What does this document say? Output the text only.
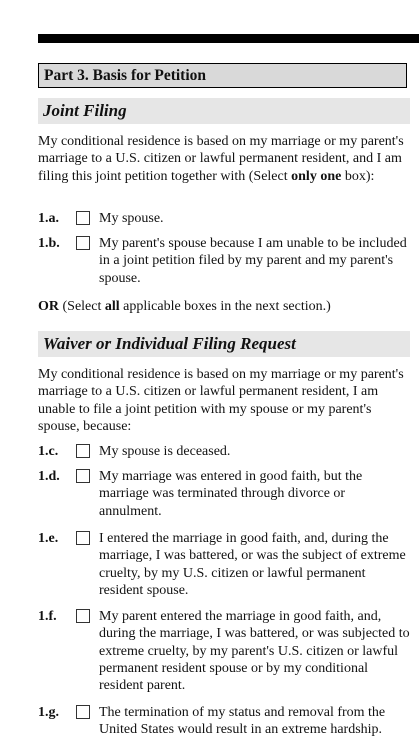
Part 3. Basis for Petition
Joint Filing

My conditional residence is based on my marriage or my parent's marriage to a U.S. citizen or lawful permanent resident, and I am filing this joint petition together with (Select only one box):

1.a.	My spouse.
1.b.	My parent's spouse because I am unable to be included in a joint petition filed by my parent and my parent's spouse.

OR (Select all applicable boxes in the next section.)

Waiver or Individual Filing Request

My conditional residence is based on my marriage or my parent's marriage to a U.S. citizen or lawful permanent resident, I am unable to file a joint petition with my spouse or my parent's spouse, because:

1.c.	My spouse is deceased.
1.d.	My marriage was entered in good faith, but the marriage was terminated through divorce or annulment.
1.e.	I entered the marriage in good faith, and, during the marriage, I was battered, or was the subject of extreme cruelty, by my U.S. citizen or lawful permanent resident spouse.
1.f.	My parent entered the marriage in good faith, and, during the marriage, I was battered, or was subjected to extreme cruelty, by my parent's U.S. citizen or lawful permanent resident spouse or by my conditional resident parent.
1.g.	The termination of my status and removal from the United States would result in an extreme hardship.
